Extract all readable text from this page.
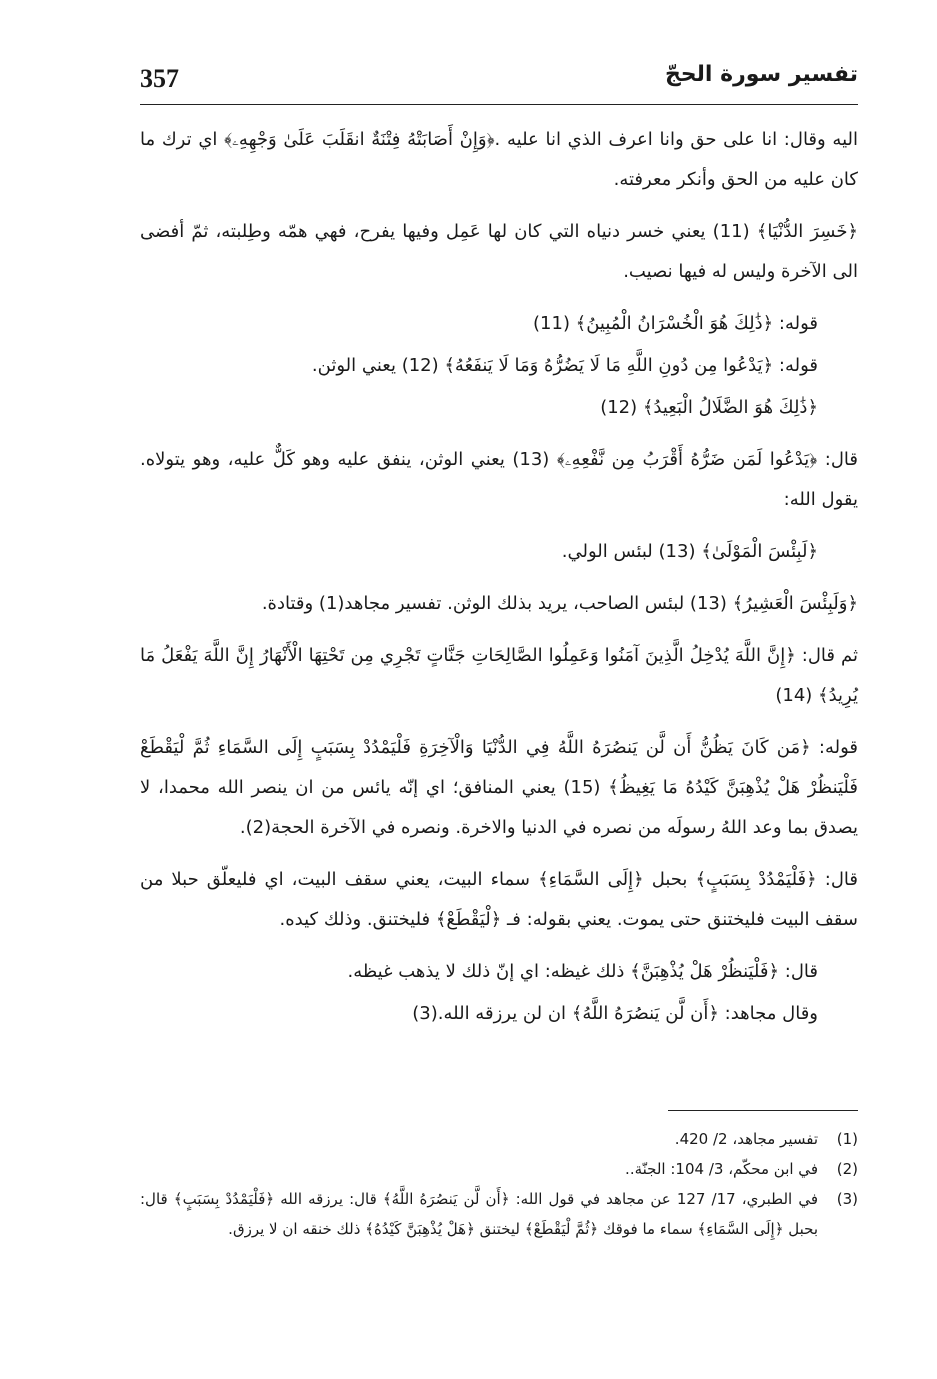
357	تفسير سورة الحجّ

اليه وقال: انا على حق وانا اعرف الذي انا عليه .﴿وَإِنْ أَصَابَتْهُ فِتْنَةٌ انقَلَبَ عَلَىٰ وَجْهِهِۦ﴾ اي ترك ما كان عليه من الحق وأنكر معرفته.

﴿خَسِرَ الدُّنْيَا﴾ (11) يعني خسر دنياه التي كان لها عَمِل وفيها يفرح، فهي همّه وطِلبته، ثمّ أفضى الى الآخرة وليس له فيها نصيب.

قوله: ﴿ذَٰلِكَ هُوَ الْخُسْرَانُ الْمُبِينُ﴾ (11)

قوله: ﴿يَدْعُوا مِن دُونِ اللَّهِ مَا لَا يَضُرُّهُ وَمَا لَا يَنفَعُهُ﴾ (12) يعني الوثن.

﴿ذَٰلِكَ هُوَ الضَّلَالُ الْبَعِيدُ﴾ (12)

قال: ﴿يَدْعُوا لَمَن ضَرُّهُ أَقْرَبُ مِن نَّفْعِهِۦ﴾ (13) يعني الوثن، ينفق عليه وهو كَلٌّ عليه، وهو يتولاه. يقول الله:

﴿لَبِئْسَ الْمَوْلَىٰ﴾ (13) لبئس الولي.

﴿وَلَبِئْسَ الْعَشِيرُ﴾ (13) لبئس الصاحب، يريد بذلك الوثن. تفسير مجاهد(1) وقتادة.

ثم قال: ﴿إِنَّ اللَّهَ يُدْخِلُ الَّذِينَ آمَنُوا وَعَمِلُوا الصَّالِحَاتِ جَنَّاتٍ تَجْرِي مِن تَحْتِهَا الْأَنْهَارُ إِنَّ اللَّهَ يَفْعَلُ مَا يُرِيدُ﴾ (14)

قوله: ﴿مَن كَانَ يَظُنُّ أَن لَّن يَنصُرَهُ اللَّهُ فِي الدُّنْيَا وَالْآخِرَةِ فَلْيَمْدُدْ بِسَبَبٍ إِلَى السَّمَاءِ ثُمَّ لْيَقْطَعْ فَلْيَنظُرْ هَلْ يُذْهِبَنَّ كَيْدُهُ مَا يَغِيظُ﴾ (15) يعني المنافق؛ اي إنّه يائس من ان ينصر الله محمدا، لا يصدق بما وعد اللهُ رسولَه من نصره في الدنيا والاخرة. ونصره في الآخرة الحجة(2).

قال: ﴿فَلْيَمْدُدْ بِسَبَبٍ﴾ بحبل ﴿إِلَى السَّمَاءِ﴾ سماء البيت، يعني سقف البيت، اي فليعلّق حبلا من سقف البيت فليختنق حتى يموت. يعني بقوله: فـ ﴿لْيَقْطَعْ﴾ فليختنق. وذلك كيده.

قال: ﴿فَلْيَنظُرْ هَلْ يُذْهِبَنَّ﴾ ذلك غيظه: اي إنّ ذلك لا يذهب غيظه.

وقال مجاهد: ﴿أَن لَّن يَنصُرَهُ اللَّهُ﴾ ان لن يرزقه الله.(3)

(1)
تفسير مجاهد، 2/ 420.
(2)
في ابن محكّم، 3/ 104: الجنّة..
(3)
في الطبري، 17/ 127 عن مجاهد في قول الله: ﴿أَن لَّن يَنصُرَهُ اللَّهُ﴾ قال: يرزقه الله ﴿فَلْيَمْدُدْ بِسَبَبٍ﴾ قال: بحبل ﴿إِلَى السَّمَاءِ﴾ سماء ما فوقك ﴿ثُمَّ لْيَقْطَعْ﴾ ليختنق ﴿هَلْ يُذْهِبَنَّ كَيْدُهُ﴾ ذلك خنقه ان لا يرزق.
